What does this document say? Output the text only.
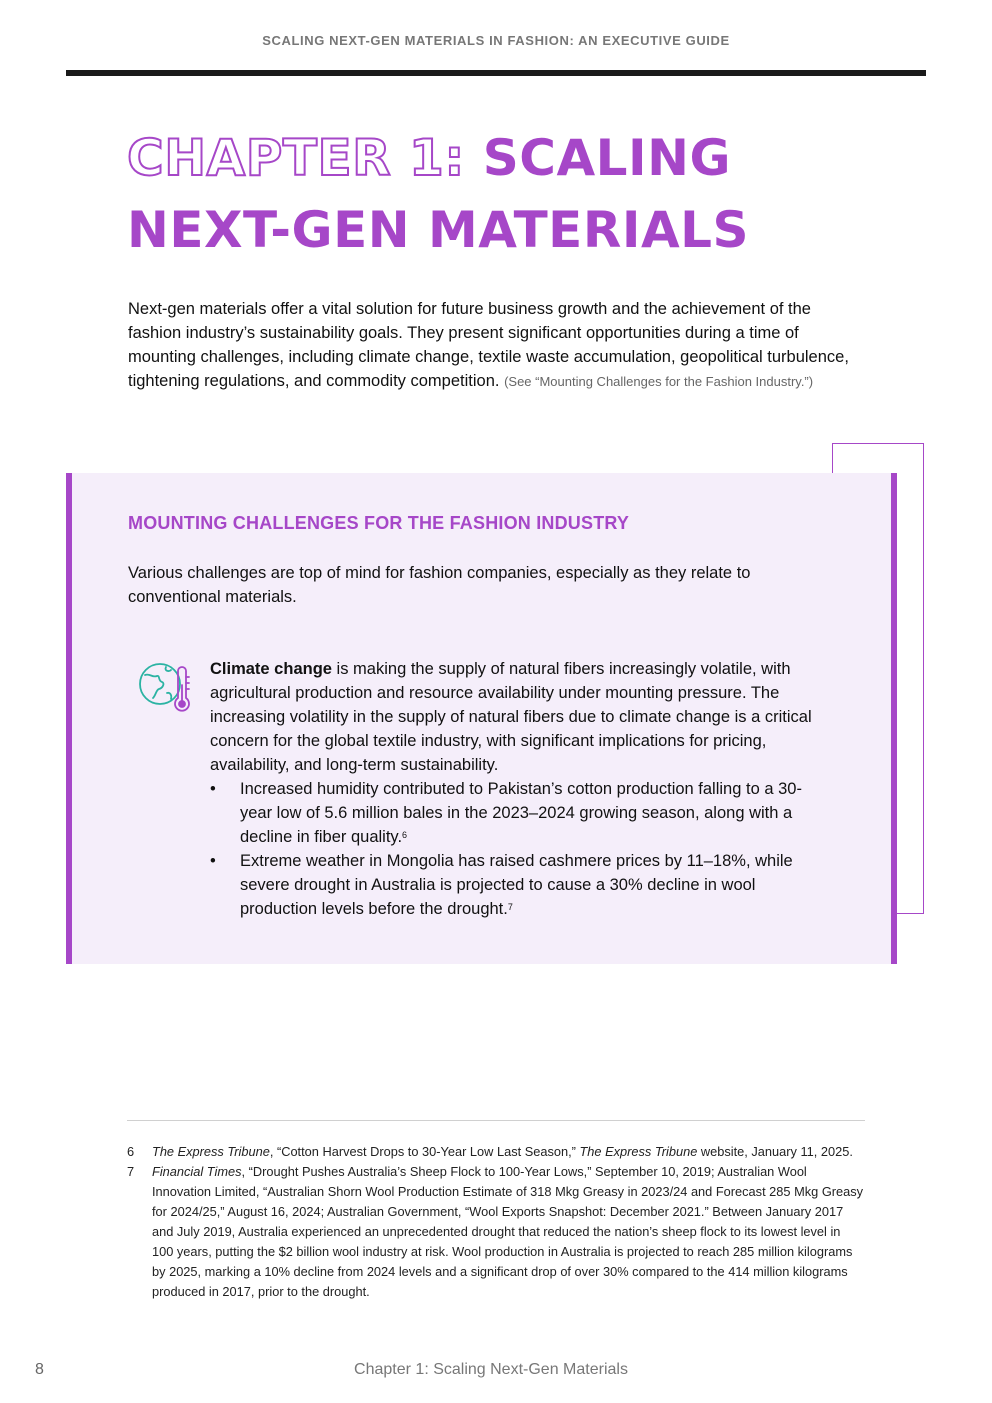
SCALING NEXT-GEN MATERIALS IN FASHION: AN EXECUTIVE GUIDE
CHAPTER 1: SCALING NEXT-GEN MATERIALS

Next-gen materials offer a vital solution for future business growth and the achievement of the fashion industry’s sustainability goals. They present significant opportunities during a time of mounting challenges, including climate change, textile waste accumulation, geopolitical turbulence, tightening regulations, and commodity competition. (See “Mounting Challenges for the Fashion Industry.”)

MOUNTING CHALLENGES FOR THE FASHION INDUSTRY

Various challenges are top of mind for fashion companies, especially as they relate to conventional materials.

Climate change is making the supply of natural fibers increasingly volatile, with agricultural production and resource availability under mounting pressure. The increasing volatility in the supply of natural fibers due to climate change is a critical concern for the global textile industry, with significant implications for pricing, availability, and long-term sustainability.

• Increased humidity contributed to Pakistan’s cotton production falling to a 30-year low of 5.6 million bales in the 2023–2024 growing season, along with a decline in fiber quality.$^6$
• Extreme weather in Mongolia has raised cashmere prices by 11–18%, while severe drought in Australia is projected to cause a 30% decline in wool production levels before the drought.$^7$

6 The Express Tribune, “Cotton Harvest Drops to 30-Year Low Last Season,” The Express Tribune website, January 11, 2025.

7 Financial Times, “Drought Pushes Australia’s Sheep Flock to 100-Year Lows,” September 10, 2019; Australian Wool Innovation Limited, “Australian Shorn Wool Production Estimate of 318 Mkg Greasy in 2023/24 and Forecast 285 Mkg Greasy for 2024/25,” August 16, 2024; Australian Government, “Wool Exports Snapshot: December 2021.” Between January 2017 and July 2019, Australia experienced an unprecedented drought that reduced the nation’s sheep flock to its lowest level in 100 years, putting the $2 billion wool industry at risk. Wool production in Australia is projected to reach 285 million kilograms by 2025, marking a 10% decline from 2024 levels and a significant drop of over 30% compared to the 414 million kilograms produced in 2017, prior to the drought.

8	Chapter 1: Scaling Next-Gen Materials
